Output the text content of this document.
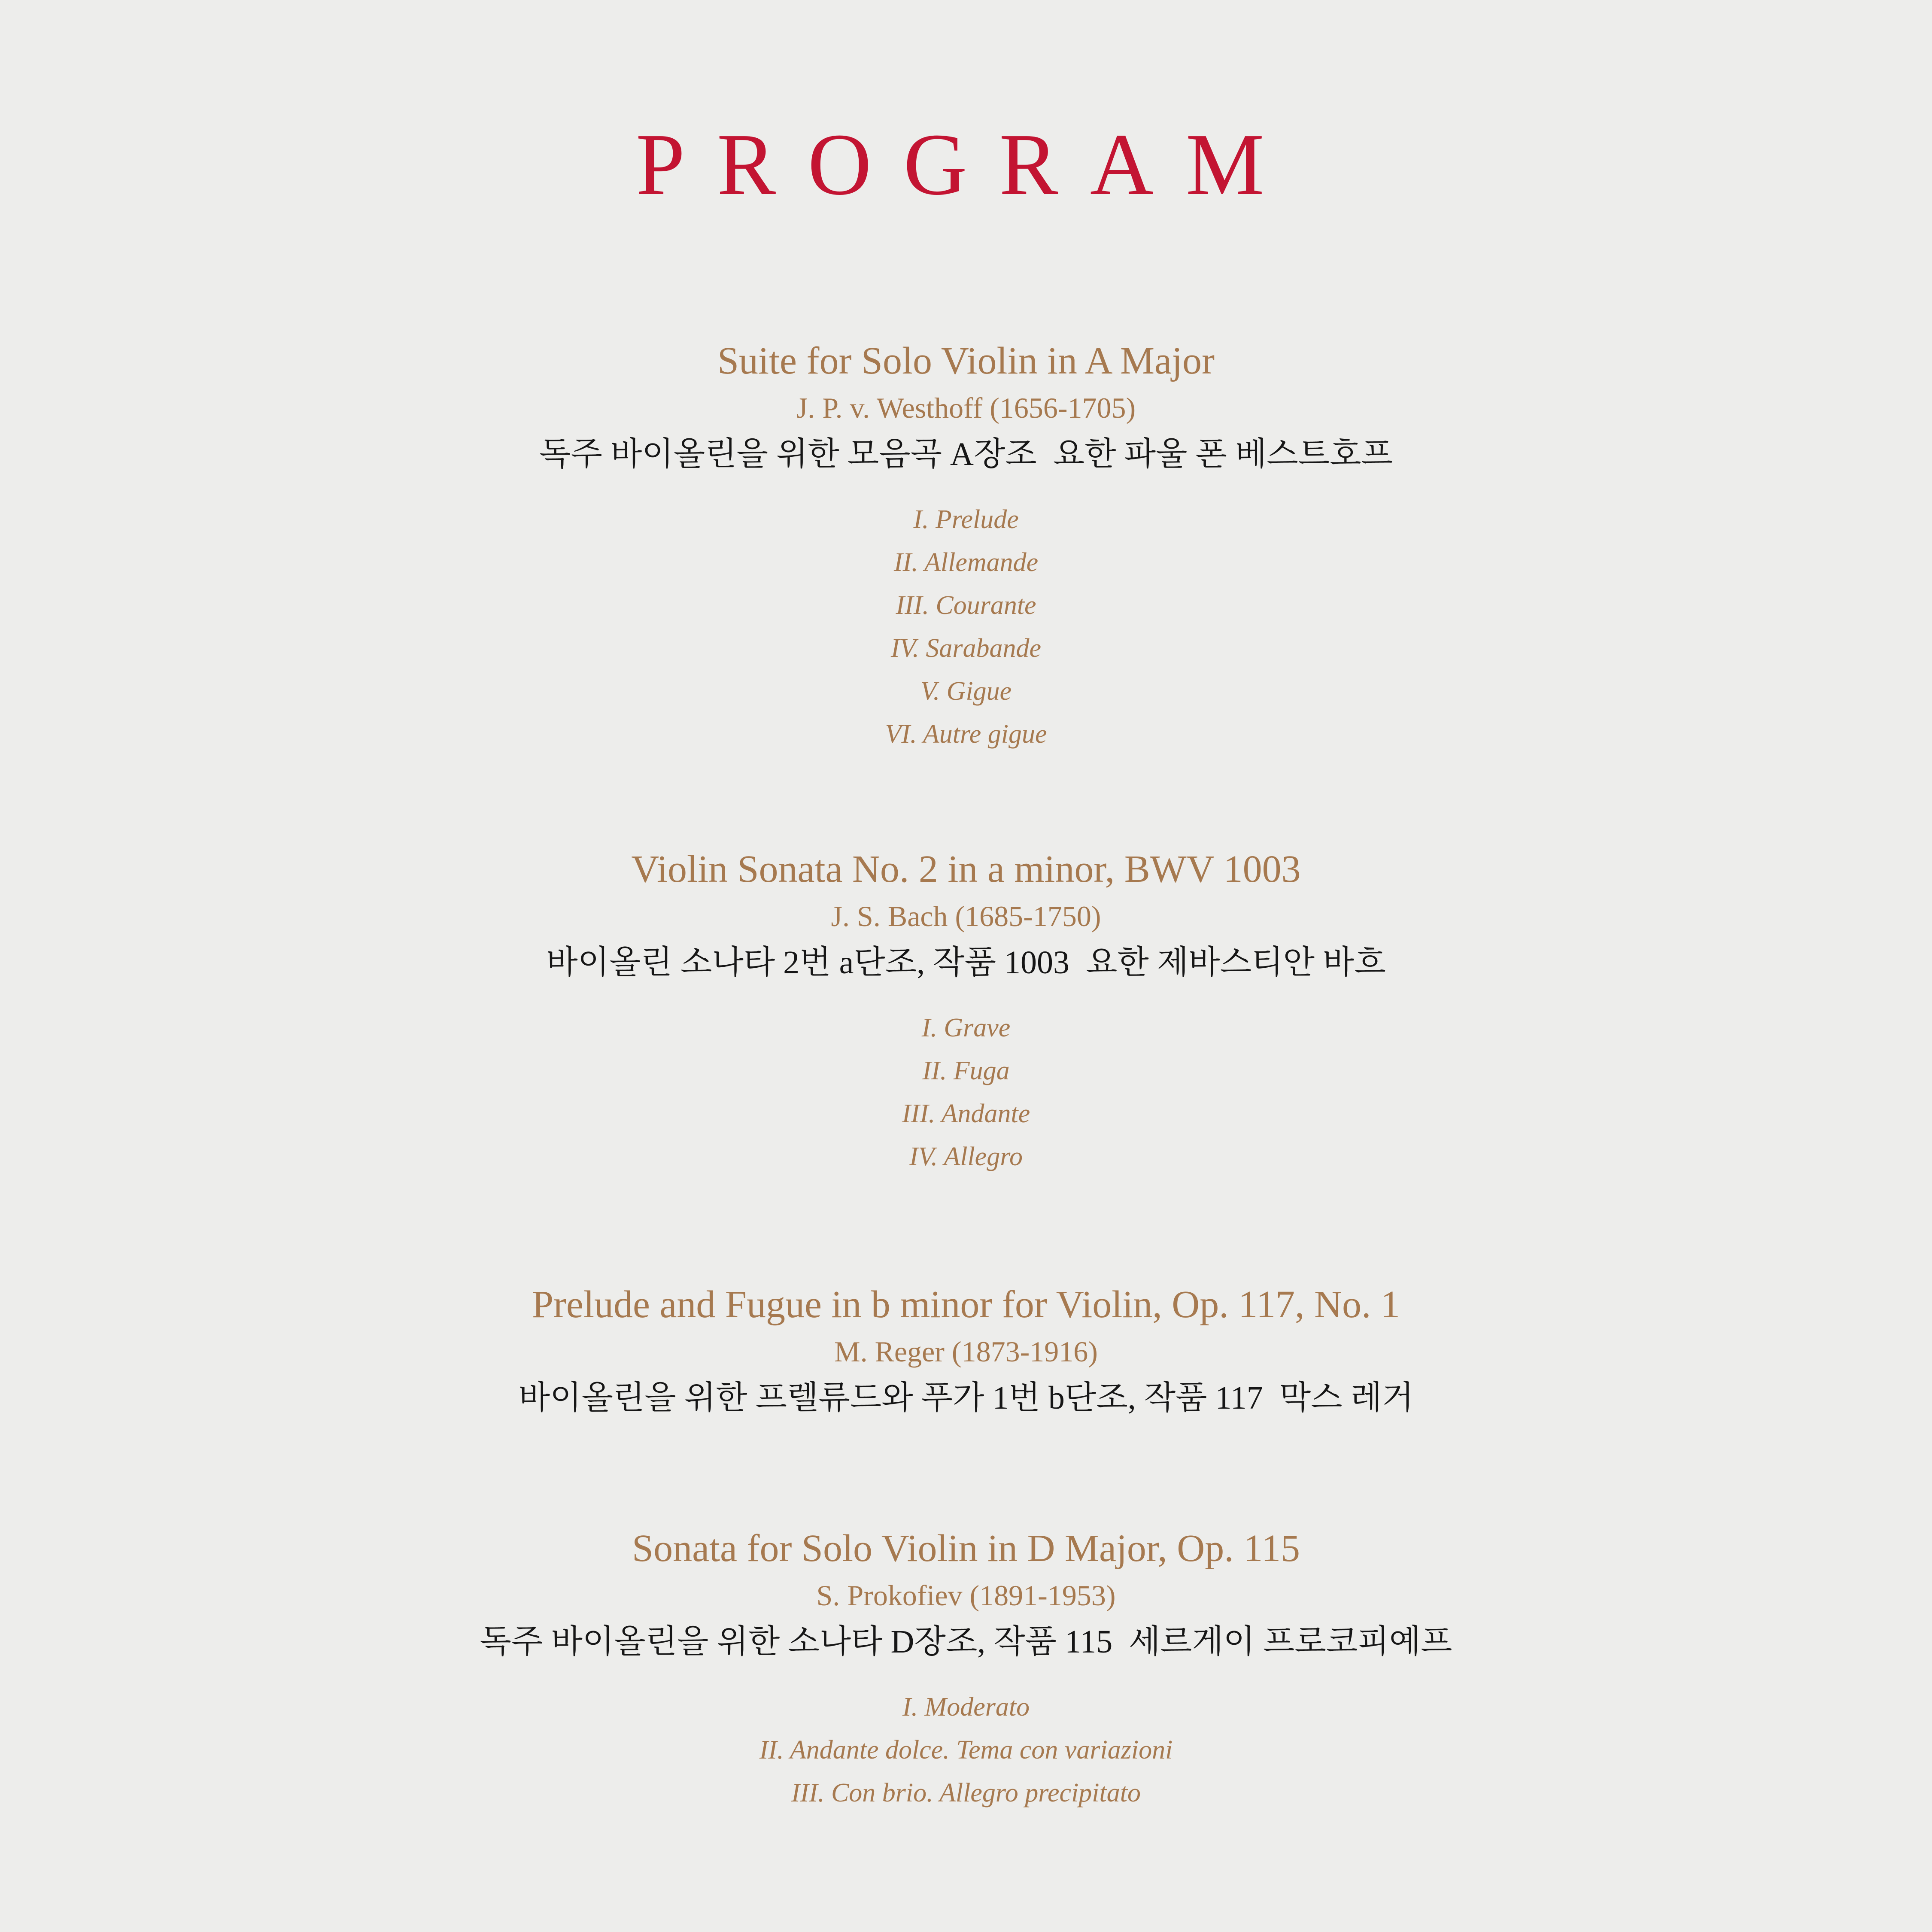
PROGRAM
Suite for Solo Violin in A Major
J. P. v. Westhoff (1656-1705)
독주 바이올린을 위한 모음곡 A장조  요한 파울 폰 베스트호프
I. Prelude
II. Allemande
III. Courante
IV. Sarabande
V. Gigue
VI. Autre gigue
Violin Sonata No. 2 in a minor, BWV 1003
J. S. Bach (1685-1750)
바이올린 소나타 2번 a단조, 작품 1003  요한 제바스티안 바흐
I. Grave
II. Fuga
III. Andante
IV. Allegro
Prelude and Fugue in b minor for Violin, Op. 117, No. 1
M. Reger (1873-1916)
바이올린을 위한 프렐류드와 푸가 1번 b단조, 작품 117  막스 레거
Sonata for Solo Violin in D Major, Op. 115
S. Prokofiev (1891-1953)
독주 바이올린을 위한 소나타 D장조, 작품 115  세르게이 프로코피예프
I. Moderato
II. Andante dolce. Tema con variazioni
III. Con brio. Allegro precipitato
